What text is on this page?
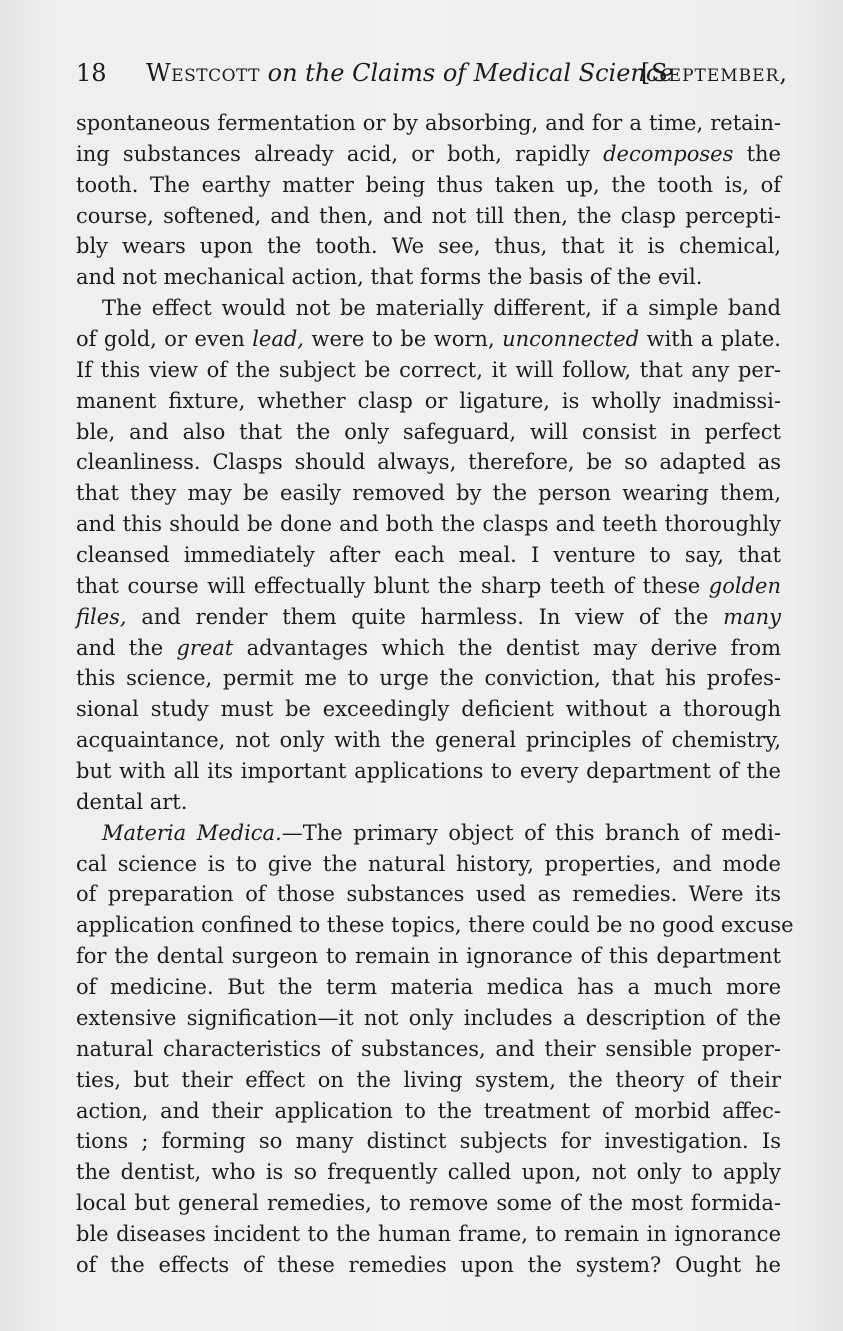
18 Westcott on the Claims of Medical Science
[September,
spontaneous fermentation or by absorbing, and for a time, retain-
ing substances already acid, or both, rapidly decomposes the
tooth. The earthy matter being thus taken up, the tooth is, of
course, softened, and then, and not till then, the clasp percepti-
bly wears upon the tooth. We see, thus, that it is chemical,
and not mechanical action, that forms the basis of the evil.
The effect would not be materially different, if a simple band
of gold, or even lead, were to be worn, unconnected with a plate.
If this view of the subject be correct, it will follow, that any per-
manent fixture, whether clasp or ligature, is wholly inadmissi-
ble, and also that the only safeguard, will consist in perfect
cleanliness. Clasps should always, therefore, be so adapted as
that they may be easily removed by the person wearing them,
and this should be done and both the clasps and teeth thoroughly
cleansed immediately after each meal. I venture to say, that
that course will effectually blunt the sharp teeth of these golden
files, and render them quite harmless. In view of the many
and the great advantages which the dentist may derive from
this science, permit me to urge the conviction, that his profes-
sional study must be exceedingly deficient without a thorough
acquaintance, not only with the general principles of chemistry,
but with all its important applications to every department of the
dental art.
Materia Medica.—The primary object of this branch of medi-
cal science is to give the natural history, properties, and mode
of preparation of those substances used as remedies. Were its
application confined to these topics, there could be no good excuse
for the dental surgeon to remain in ignorance of this department
of medicine. But the term materia medica has a much more
extensive signification—it not only includes a description of the
natural characteristics of substances, and their sensible proper-
ties, but their effect on the living system, the theory of their
action, and their application to the treatment of morbid affec-
tions ; forming so many distinct subjects for investigation. Is
the dentist, who is so frequently called upon, not only to apply
local but general remedies, to remove some of the most formida-
ble diseases incident to the human frame, to remain in ignorance
of the effects of these remedies upon the system? Ought he
